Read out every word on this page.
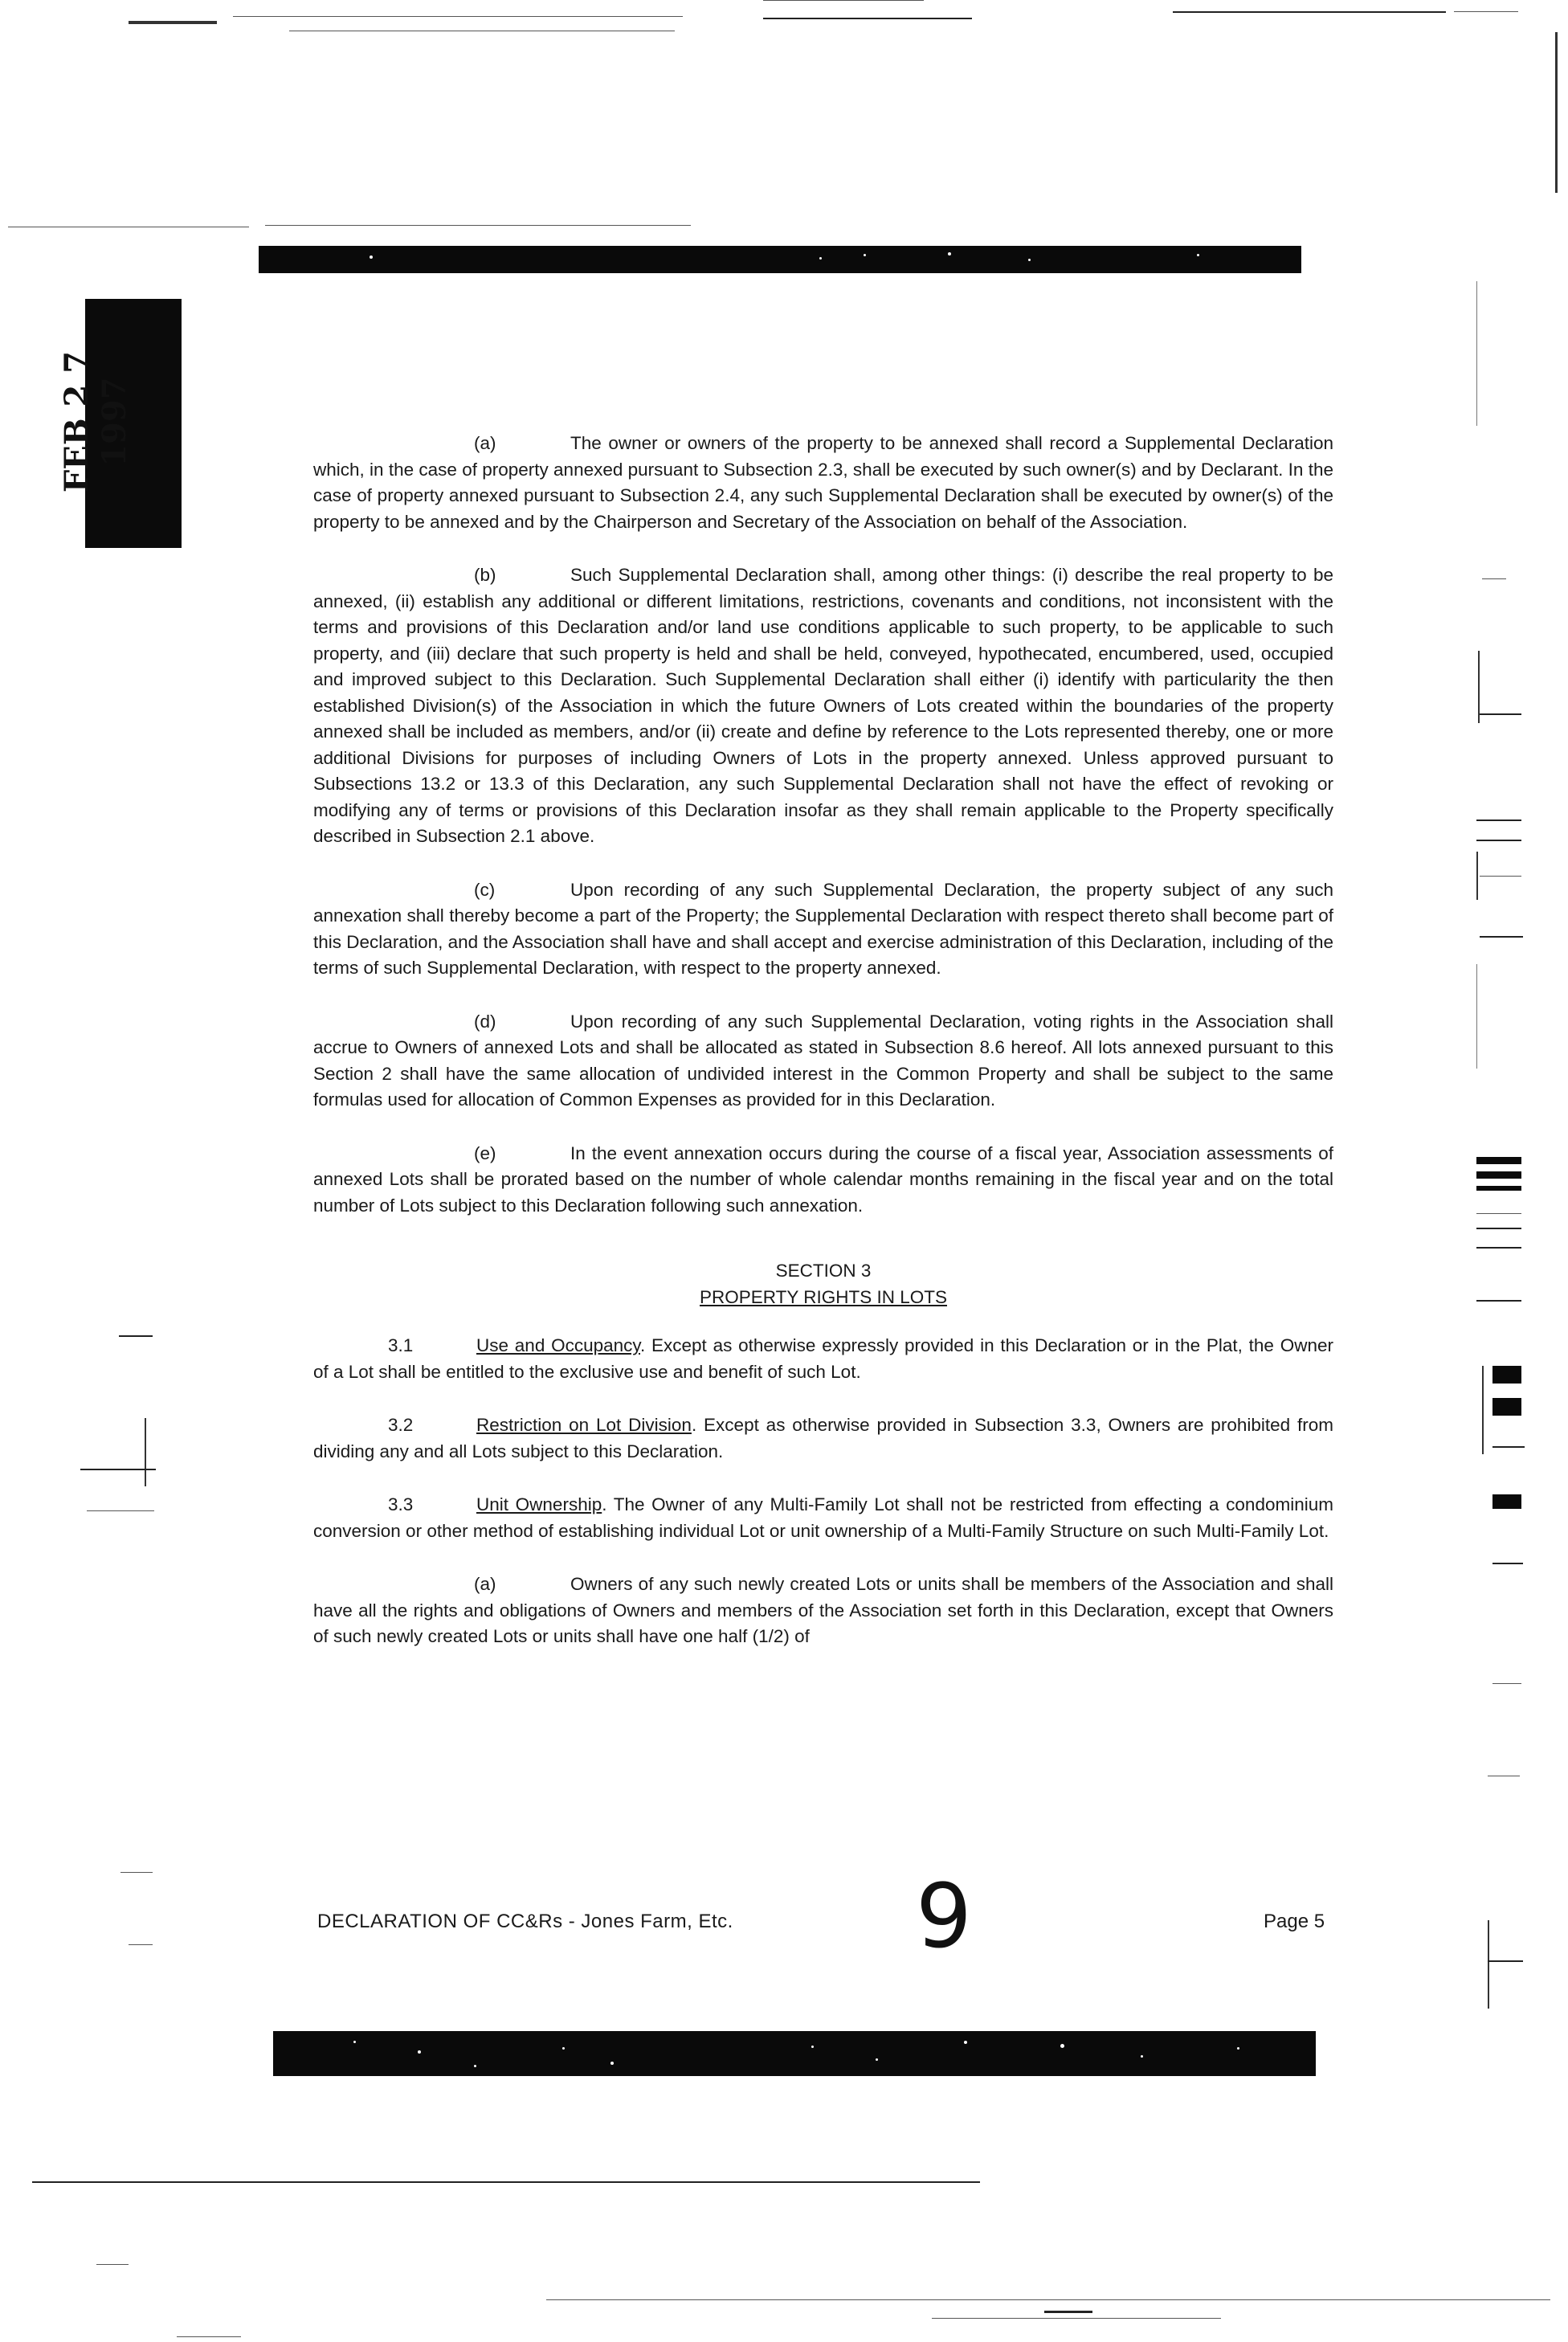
FEB 2 7 1997	(a)	The owner or owners of the property to be annexed shall record a Supplemental Declaration which, in the case of property annexed pursuant to Subsection 2.3, shall be executed by such owner(s) and by Declarant. In the case of property annexed pursuant to Subsection 2.4, any such Supplemental Declaration shall be executed by owner(s) of the property to be annexed and by the Chairperson and Secretary of the Association on behalf of the Association.

(b)	Such Supplemental Declaration shall, among other things: (i) describe the real property to be annexed, (ii) establish any additional or different limitations, restrictions, covenants and conditions, not inconsistent with the terms and provisions of this Declaration and/or land use conditions applicable to such property, to be applicable to such property, and (iii) declare that such property is held and shall be held, conveyed, hypothecated, encumbered, used, occupied and improved subject to this Declaration. Such Supplemental Declaration shall either (i) identify with particularity the then established Division(s) of the Association in which the future Owners of Lots created within the boundaries of the property annexed shall be included as members, and/or (ii) create and define by reference to the Lots represented thereby, one or more additional Divisions for purposes of including Owners of Lots in the property annexed. Unless approved pursuant to Subsections 13.2 or 13.3 of this Declaration, any such Supplemental Declaration shall not have the effect of revoking or modifying any of terms or provisions of this Declaration insofar as they shall remain applicable to the Property specifically described in Subsection 2.1 above.

(c)	Upon recording of any such Supplemental Declaration, the property subject of any such annexation shall thereby become a part of the Property; the Supplemental Declaration with respect thereto shall become part of this Declaration, and the Association shall have and shall accept and exercise administration of this Declaration, including of the terms of such Supplemental Declaration, with respect to the property annexed.

(d)	Upon recording of any such Supplemental Declaration, voting rights in the Association shall accrue to Owners of annexed Lots and shall be allocated as stated in Subsection 8.6 hereof. All lots annexed pursuant to this Section 2 shall have the same allocation of undivided interest in the Common Property and shall be subject to the same formulas used for allocation of Common Expenses as provided for in this Declaration.

(e)	In the event annexation occurs during the course of a fiscal year, Association assessments of annexed Lots shall be prorated based on the number of whole calendar months remaining in the fiscal year and on the total number of Lots subject to this Declaration following such annexation.

SECTION 3
PROPERTY RIGHTS IN LOTS

3.1	Use and Occupancy. Except as otherwise expressly provided in this Declaration or in the Plat, the Owner of a Lot shall be entitled to the exclusive use and benefit of such Lot.

3.2	Restriction on Lot Division. Except as otherwise provided in Subsection 3.3, Owners are prohibited from dividing any and all Lots subject to this Declaration.

3.3	Unit Ownership. The Owner of any Multi-Family Lot shall not be restricted from effecting a condominium conversion or other method of establishing individual Lot or unit ownership of a Multi-Family Structure on such Multi-Family Lot.

(a)	Owners of any such newly created Lots or units shall be members of the Association and shall have all the rights and obligations of Owners and members of the Association set forth in this Declaration, except that Owners of such newly created Lots or units shall have one half (1/2) of

DECLARATION OF CC&Rs - Jones Farm, Etc. 9	Page 5
